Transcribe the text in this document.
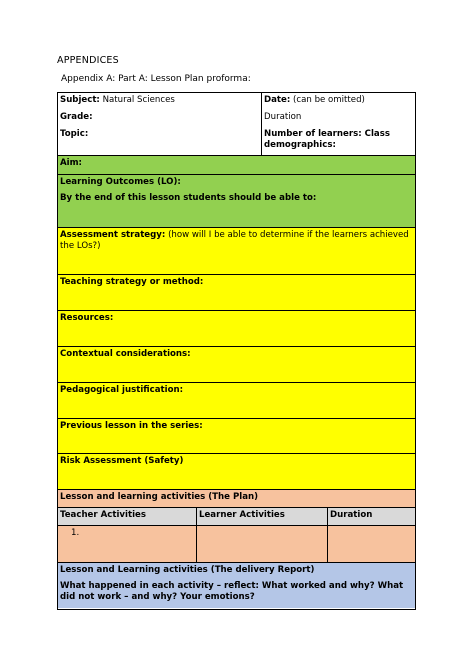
APPENDICES
Appendix A: Part A: Lesson Plan proforma:
Subject: Natural Sciences
Grade:
Topic:
Date: (can be omitted)
Duration
Number of learners: Class
demographics:
Aim:
Learning Outcomes (LO):
By the end of this lesson students should be able to:
Assessment strategy: (how will I be able to determine if the learners achieved
the LOs?)
Teaching strategy or method:
Resources:
Contextual considerations:
Pedagogical justification:
Previous lesson in the series:
Risk Assessment (Safety)
Lesson and learning activities (The Plan)
Teacher Activities	Learner Activities	Duration
1.
Lesson and Learning activities (The delivery Report)
What happened in each activity – reflect: What worked and why? What
did not work – and why? Your emotions?
